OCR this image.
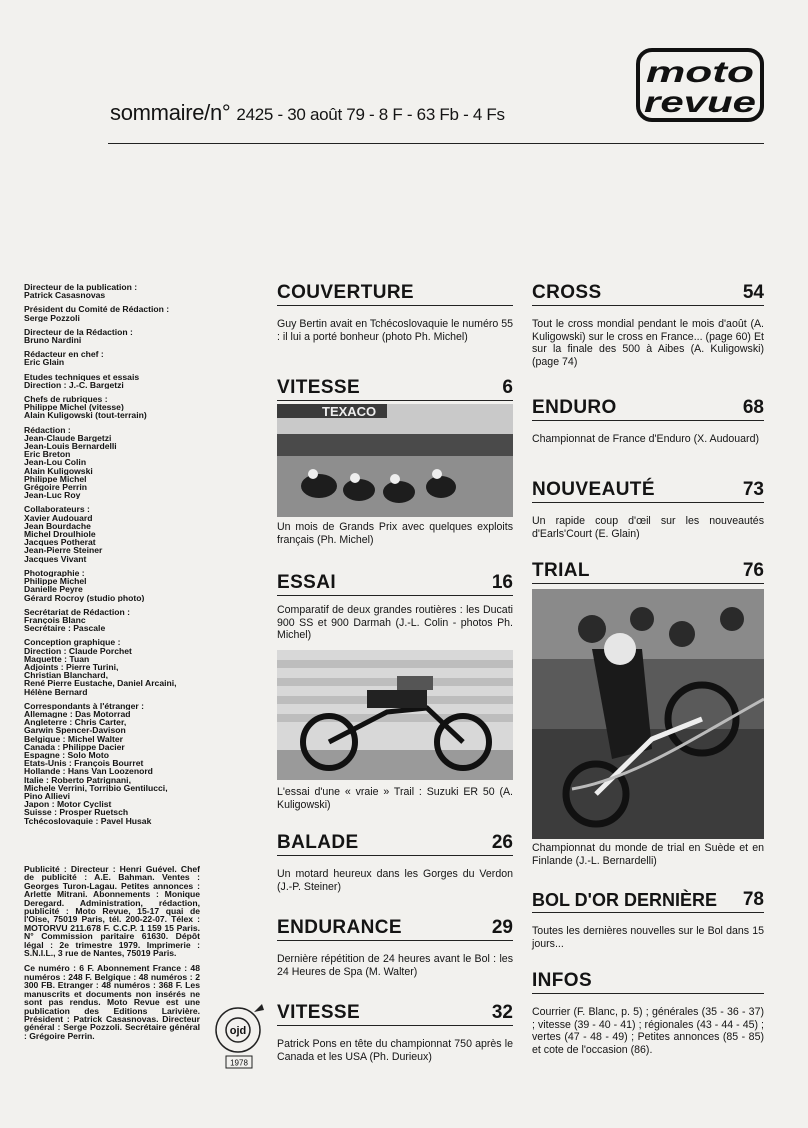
moto
revue
sommaire/n° 2425 - 30 août 79 - 8 F - 63 Fb - 4 Fs
Directeur de la publication :
Patrick Casasnovas
Président du Comité de Rédaction :
Serge Pozzoli
Directeur de la Rédaction :
Bruno Nardini
Rédacteur en chef :
Eric Glain
Etudes techniques et essais
Direction : J.-C. Bargetzi
Chefs de rubriques :
Philippe Michel (vitesse)
Alain Kuligowski (tout-terrain)
Rédaction :
Jean-Claude Bargetzi
Jean-Louis Bernardelli
Eric Breton
Jean-Lou Colin
Alain Kuligowski
Philippe Michel
Grégoire Perrin
Jean-Luc Roy
Collaborateurs :
Xavier Audouard
Jean Bourdache
Michel Droulhiole
Jacques Potherat
Jean-Pierre Steiner
Jacques Vivant
Photographie :
Philippe Michel
Danielle Peyre
Gérard Rocroy (studio photo)
Secrétariat de Rédaction :
François Blanc
Secrétaire : Pascale
Conception graphique :
Direction : Claude Porchet
Maquette : Tuan
Adjoints : Pierre Turini,
Christian Blanchard,
René Pierre Eustache, Daniel Arcaini,
Hélène Bernard
Correspondants à l'étranger :
Allemagne : Das Motorrad
Angleterre : Chris Carter,
Garwin Spencer-Davison
Belgique : Michel Walter
Canada : Philippe Dacier
Espagne : Solo Moto
Etats-Unis : François Bourret
Hollande : Hans Van Loozenord
Italie : Roberto Patrignani,
Michele Verrini, Torribio Gentilucci,
Pino Allievi
Japon : Motor Cyclist
Suisse : Prosper Ruetsch
Tchécoslovaquie : Pavel Husak

Publicité : Directeur : Henri Guével. Chef de publicité : A.E. Bahman. Ventes : Georges Turon-Lagau. Petites annonces : Arlette Mitrani. Abonnements : Monique Deregard. Administration, rédaction, publicité : Moto Revue, 15-17 quai de l'Oise, 75019 Paris, tél. 200-22-07. Télex : MOTORVU 211.678 F. C.C.P. 1 159 15 Paris. N° Commission paritaire 61630. Dépôt légal : 2e trimestre 1979. Imprimerie : S.N.I.L., 3 rue de Nantes, 75019 Paris.

Ce numéro : 6 F. Abonnement France : 48 numéros : 248 F. Belgique : 48 numéros : 2 300 FB. Etranger : 48 numéros : 368 F. Les manuscrits et documents non insérés ne sont pas rendus. Moto Revue est une publication des Editions Larivière. Président : Patrick Casasnovas. Directeur général : Serge Pozzoli. Secrétaire général : Grégoire Perrin.	ojd
1978
COUVERTURE
Guy Bertin avait en Tchécoslovaquie le numéro 55 : il lui a porté bonheur (photo Ph. Michel)
VITESSE	6
TEXACO
Un mois de Grands Prix avec quelques exploits français (Ph. Michel)
ESSAI	16
Comparatif de deux grandes routières : les Ducati 900 SS et 900 Darmah (J.-L. Colin - photos Ph. Michel)
L'essai d'une « vraie » Trail : Suzuki ER 50 (A. Kuligowski)
BALADE	26
Un motard heureux dans les Gorges du Verdon (J.-P. Steiner)
ENDURANCE	29
Dernière répétition de 24 heures avant le Bol : les 24 Heures de Spa (M. Walter)
VITESSE	32
Patrick Pons en tête du championnat 750 après le Canada et les USA (Ph. Durieux)
CROSS	54
Tout le cross mondial pendant le mois d'août (A. Kuligowski) sur le cross en France... (page 60) Et sur la finale des 500 à Aibes (A. Kuligowski) (page 74)
ENDURO	68
Championnat de France d'Enduro (X. Audouard)
NOUVEAUTÉ	73
Un rapide coup d'œil sur les nouveautés d'Earls'Court (E. Glain)
TRIAL	76
Championnat du monde de trial en Suède et en Finlande (J.-L. Bernardelli)
BOL D'OR DERNIÈRE 78
Toutes les dernières nouvelles sur le Bol dans 15 jours...
INFOS
Courrier (F. Blanc, p. 5) ; générales (35 - 36 - 37) ; vitesse (39 - 40 - 41) ; régionales (43 - 44 - 45) ; vertes (47 - 48 - 49) ; Petites annonces (85 - 85) et cote de l'occasion (86).
